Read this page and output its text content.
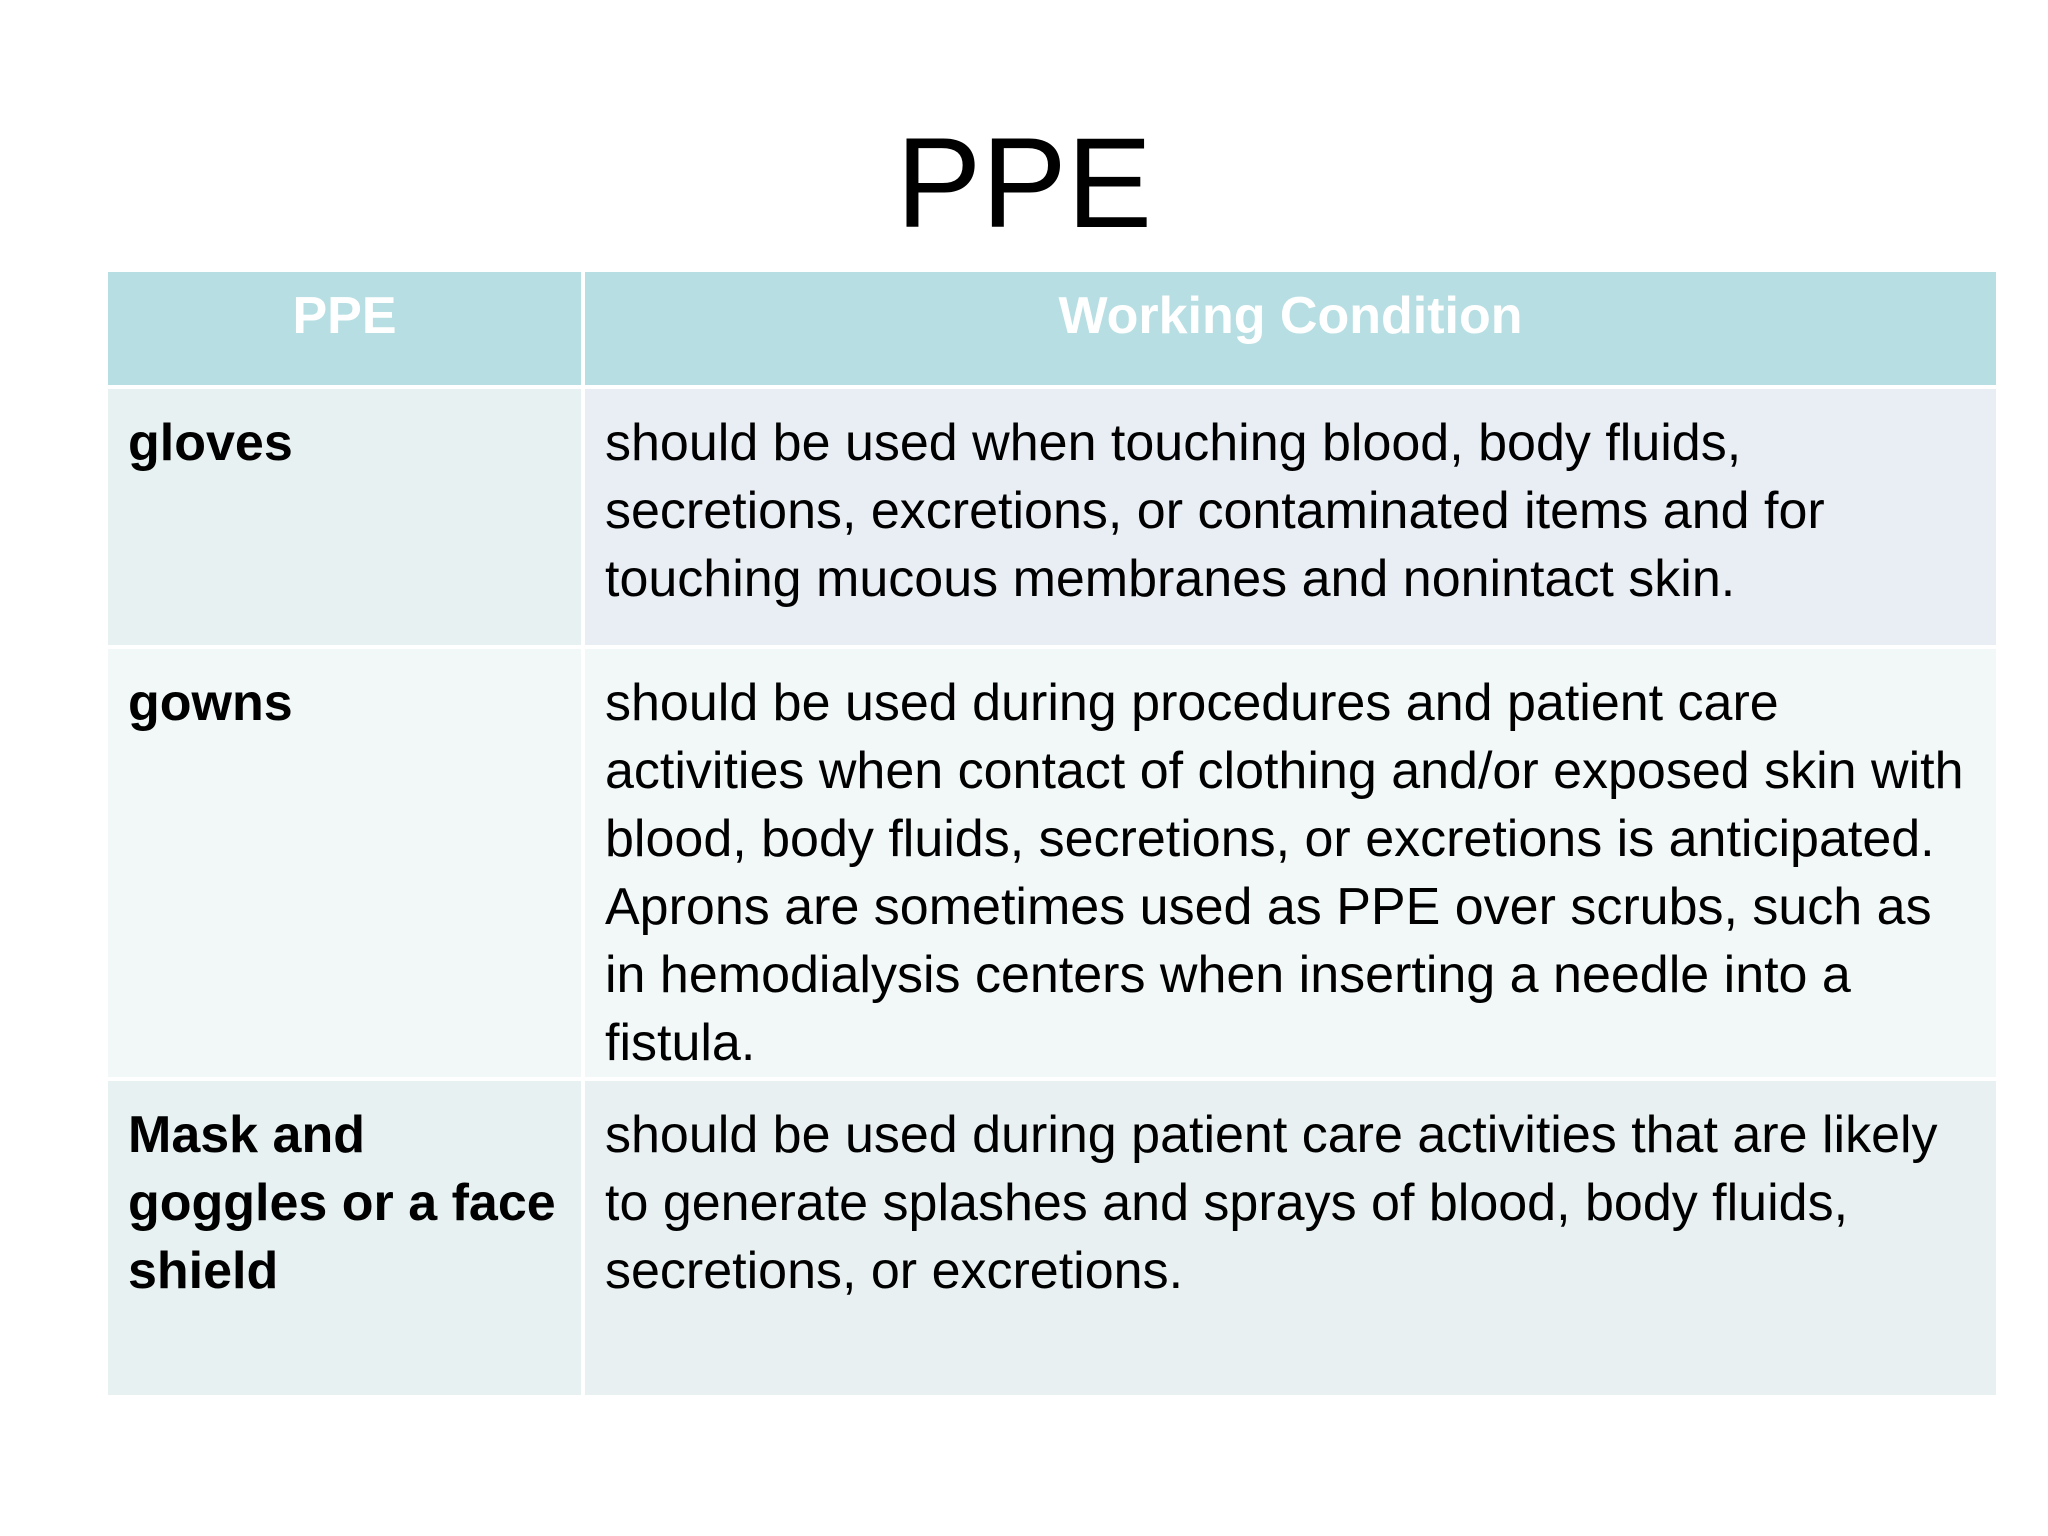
PPE
PPE	Working Condition
gloves	should be used when touching blood, body fluids, secretions, excretions, or contaminated items and for touching mucous membranes and nonintact skin.
gowns	should be used during procedures and patient care activities when contact of clothing and/or exposed skin with blood, body fluids, secretions, or excretions is anticipated. Aprons are sometimes used as PPE over scrubs, such as in hemodialysis centers when inserting a needle into a fistula.
Mask and goggles or a face shield	should be used during patient care activities that are likely to generate splashes and sprays of blood, body fluids, secretions, or excretions.
